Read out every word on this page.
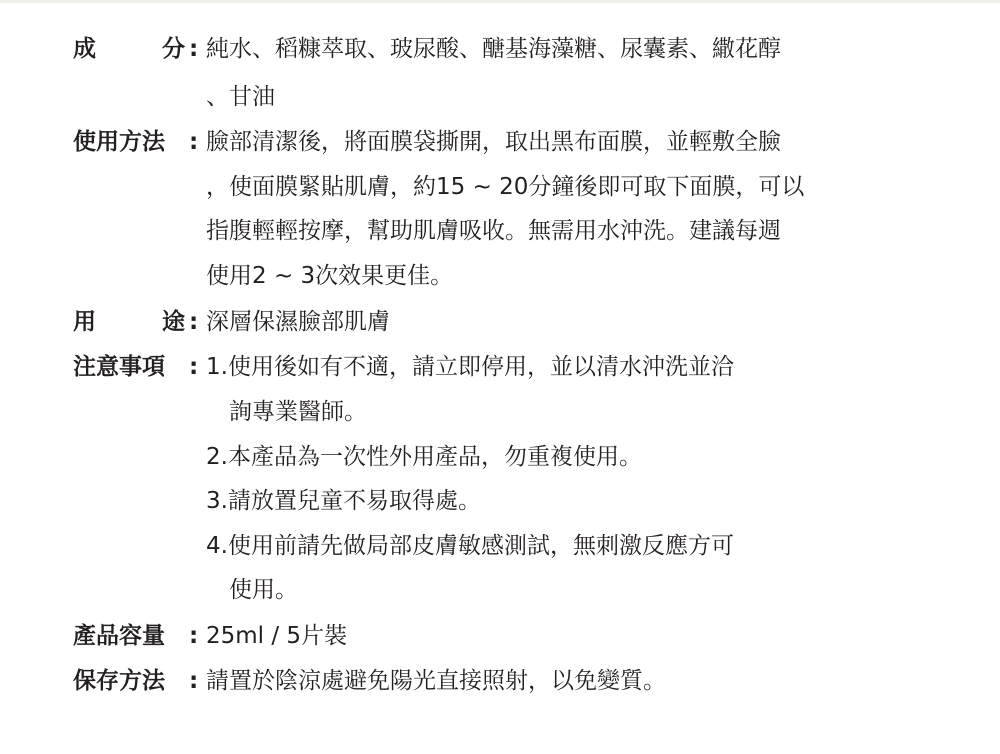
成	分 : 純水、稻糠萃取、玻尿酸、醣基海藻糖、尿囊素、繖花醇
、甘油
使用方法 : 臉部清潔後，將面膜袋撕開，取出黑布面膜，並輕敷全臉
，使面膜緊貼肌膚，約15 ~ 20分鐘後即可取下面膜，可以
指腹輕輕按摩，幫助肌膚吸收。無需用水沖洗。建議每週
使用2 ~ 3次效果更佳。
用	途 : 深層保濕臉部肌膚
注意事項 : 1.使用後如有不適，請立即停用，並以清水沖洗並洽
詢專業醫師。
2.本產品為一次性外用產品，勿重複使用。
3.請放置兒童不易取得處。
4.使用前請先做局部皮膚敏感測試，無刺激反應方可
使用。
產品容量 : 25ml / 5片裝
保存方法 : 請置於陰涼處避免陽光直接照射，以免變質。
